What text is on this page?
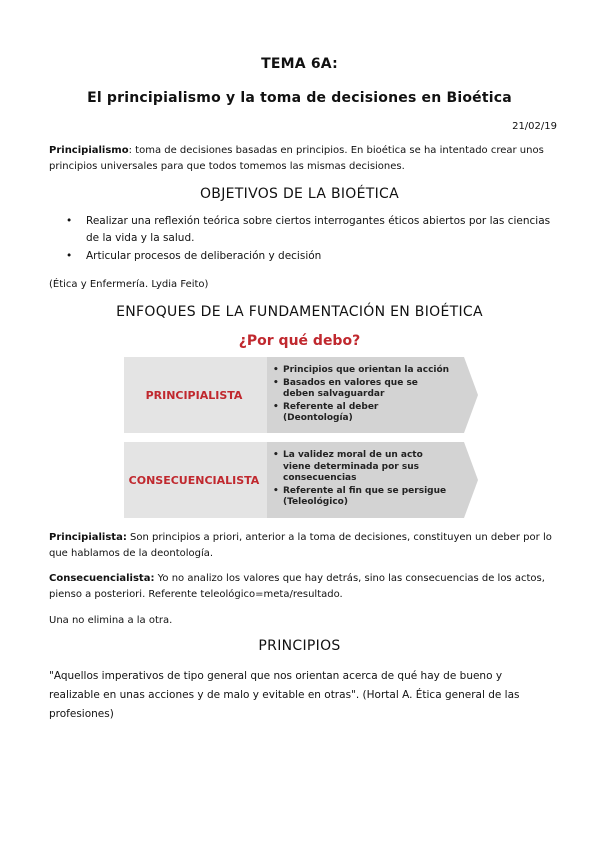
TEMA 6A:
El principialismo y la toma de decisiones en Bioética
21/02/19
Principialismo: toma de decisiones basadas en principios. En bioética se ha intentado crear unos principios universales para que todos tomemos las mismas decisiones.
OBJETIVOS DE LA BIOÉTICA
• Realizar una reflexión teórica sobre ciertos interrogantes éticos abiertos por las ciencias de la vida y la salud.
• Articular procesos de deliberación y decisión
(Ética y Enfermería. Lydia Feito)
ENFOQUES DE LA FUNDAMENTACIÓN EN BIOÉTICA
¿Por qué debo?
PRINCIPIALISTA
• Principios que orientan la acción
• Basados en valores que se deben salvaguardar
• Referente al deber (Deontología)
CONSECUENCIALISTA
• La validez moral de un acto viene determinada por sus consecuencias
• Referente al fin que se persigue (Teleológico)
Principialista: Son principios a priori, anterior a la toma de decisiones, constituyen un deber por lo que hablamos de la deontología.
Consecuencialista: Yo no analizo los valores que hay detrás, sino las consecuencias de los actos, pienso a posteriori. Referente teleológico=meta/resultado.
Una no elimina a la otra.
PRINCIPIOS
"Aquellos imperativos de tipo general que nos orientan acerca de qué hay de bueno y realizable en unas acciones y de malo y evitable en otras". (Hortal A. Ética general de las profesiones)
